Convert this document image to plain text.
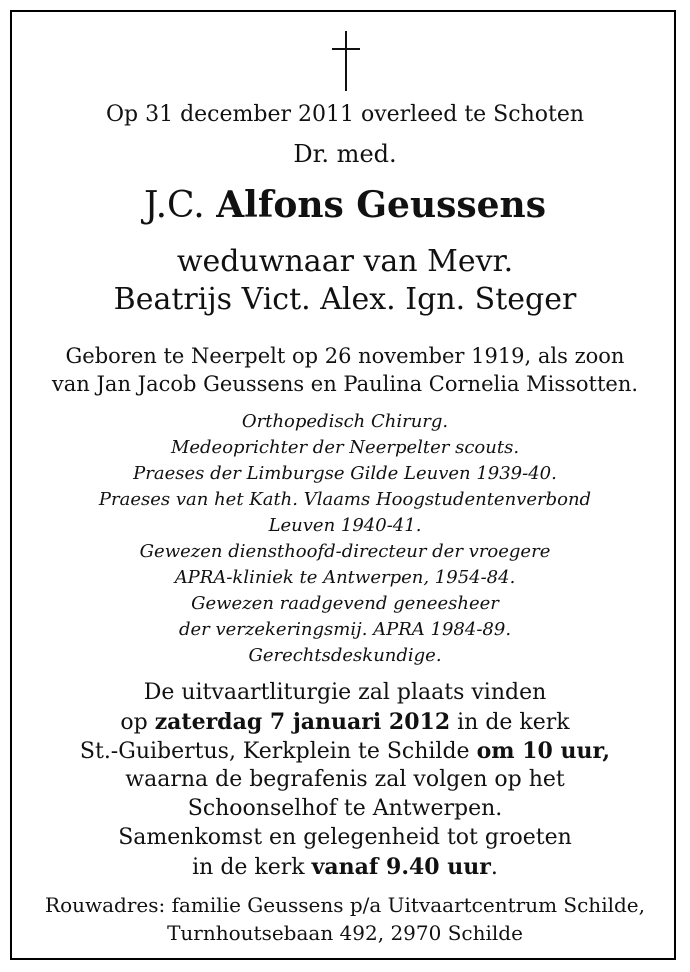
Op 31 december 2011 overleed te Schoten
Dr. med.
J.C. Alfons Geussens
weduwnaar van Mevr.
Beatrijs Vict. Alex. Ign. Steger
Geboren te Neerpelt op 26 november 1919, als zoon
van Jan Jacob Geussens en Paulina Cornelia Missotten.
Orthopedisch Chirurg.
Medeoprichter der Neerpelter scouts.
Praeses der Limburgse Gilde Leuven 1939-40.
Praeses van het Kath. Vlaams Hoogstudentenverbond
Leuven 1940-41.
Gewezen diensthoofd-directeur der vroegere
APRA-kliniek te Antwerpen, 1954-84.
Gewezen raadgevend geneesheer
der verzekeringsmij. APRA 1984-89.
Gerechtsdeskundige.
De uitvaartliturgie zal plaats vinden
op zaterdag 7 januari 2012 in de kerk
St.-Guibertus, Kerkplein te Schilde om 10 uur,
waarna de begrafenis zal volgen op het
Schoonselhof te Antwerpen.
Samenkomst en gelegenheid tot groeten
in de kerk vanaf 9.40 uur.
Rouwadres: familie Geussens p/a Uitvaartcentrum Schilde,
Turnhoutsebaan 492, 2970 Schilde
